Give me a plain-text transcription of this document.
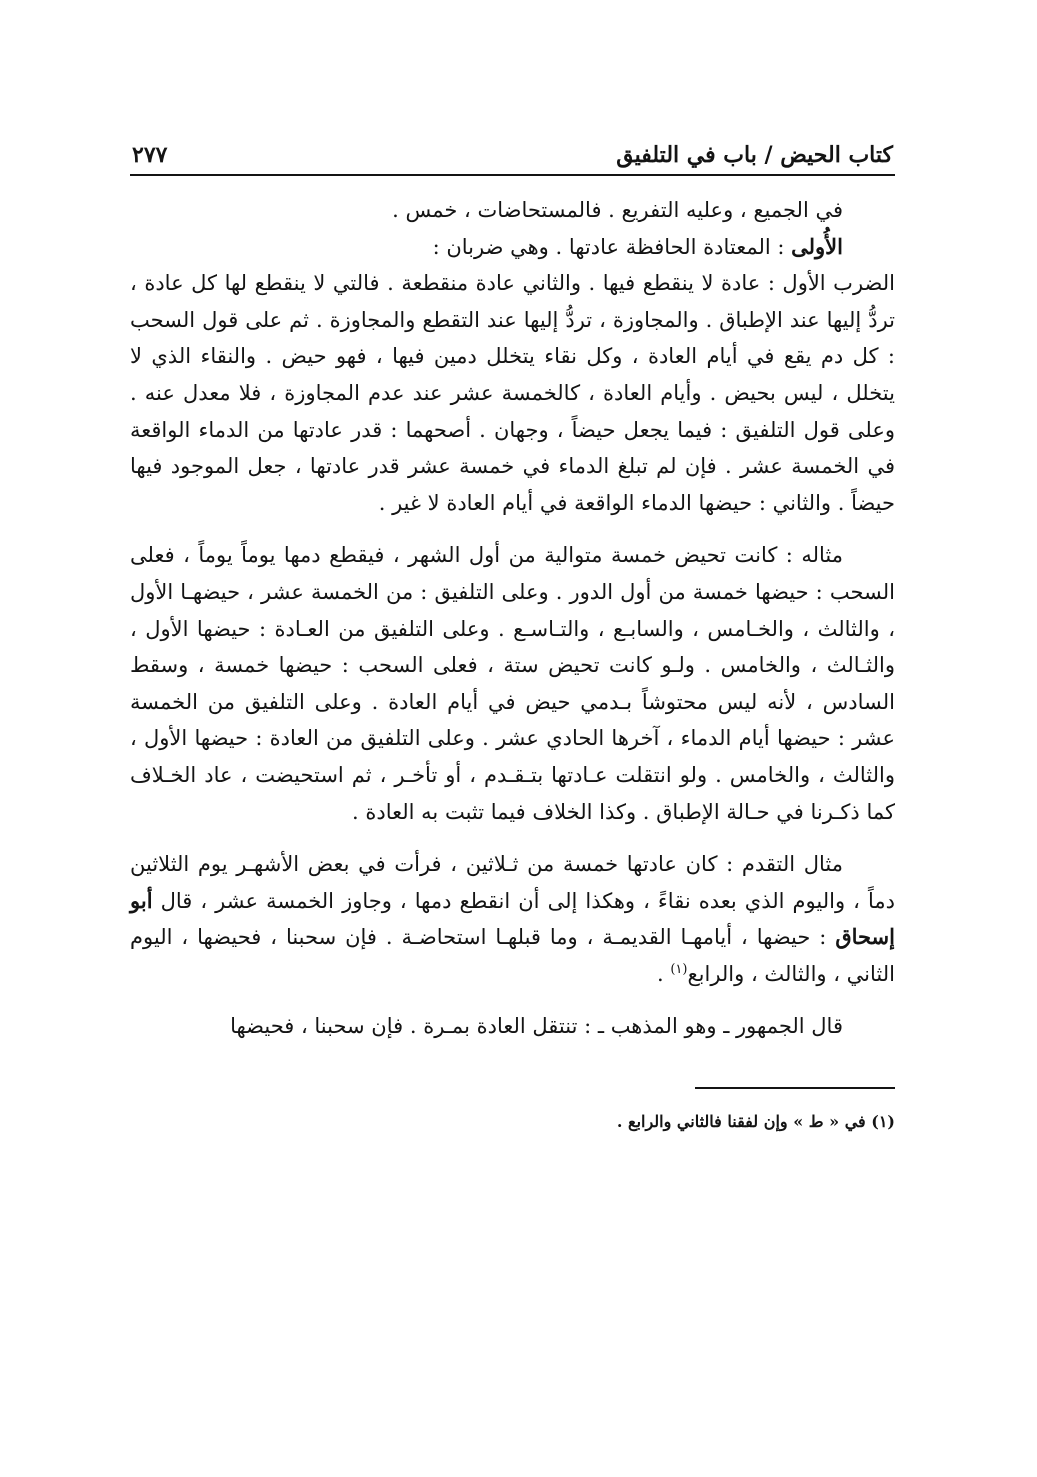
كتاب الحيض / باب في التلفيق
٢٧٧

في الجميع ، وعليه التفريع . فالمستحاضات ، خمس .

الأُولى : المعتادة الحافظة عادتها . وهي ضربان :

الضرب الأول : عادة لا ينقطع فيها . والثاني عادة منقطعة . فالتي لا ينقطع لها كل عادة ، تردُّ إليها عند الإطباق . والمجاوزة ، تردُّ إليها عند التقطع والمجاوزة . ثم على قول السحب : كل دم يقع في أيام العادة ، وكل نقاء يتخلل دمين فيها ، فهو حيض . والنقاء الذي لا يتخلل ، ليس بحيض . وأيام العادة ، كالخمسة عشر عند عدم المجاوزة ، فلا معدل عنه . وعلى قول التلفيق : فيما يجعل حيضاً ، وجهان . أصحهما : قدر عادتها من الدماء الواقعة في الخمسة عشر . فإن لم تبلغ الدماء في خمسة عشر قدر عادتها ، جعل الموجود فيها حيضاً . والثاني : حيضها الدماء الواقعة في أيام العادة لا غير .

مثاله : كانت تحيض خمسة متوالية من أول الشهر ، فيقطع دمها يوماً يوماً ، فعلى السحب : حيضها خمسة من أول الدور . وعلى التلفيق : من الخمسة عشر ، حيضهـا الأول ، والثالث ، والخـامس ، والسابـع ، والتـاسـع . وعلى التلفيق من العـادة : حيضها الأول ، والثـالث ، والخامس . ولـو كانت تحيض ستة ، فعلى السحب : حيضها خمسة ، وسقط السادس ، لأنه ليس محتوشاً بـدمي حيض في أيام العادة . وعلى التلفيق من الخمسة عشر : حيضها أيام الدماء ، آخرها الحادي عشر . وعلى التلفيق من العادة : حيضها الأول ، والثالث ، والخامس . ولو انتقلت عـادتها بتـقـدم ، أو تأخـر ، ثم استحيضت ، عاد الخـلاف كما ذكـرنا في حـالة الإطباق . وكذا الخلاف فيما تثبت به العادة .

مثال التقدم : كان عادتها خمسة من ثـلاثين ، فرأت في بعض الأشهـر يوم الثلاثين دماً ، واليوم الذي بعده نقاءً ، وهكذا إلى أن انقطع دمها ، وجاوز الخمسة عشر ، قال أبو إسحاق : حيضها ، أيامهـا القديمـة ، وما قبلهـا استحاضـة . فإن سحبنا ، فحيضها ، اليوم الثاني ، والثالث ، والرابع$^{(١)}$ .

قال الجمهور ـ وهو المذهب ـ : تنتقل العادة بمـرة . فإن سحبنا ، فحيضها

(١) في « ط » وإن لفقنا فالثاني والرابع .
